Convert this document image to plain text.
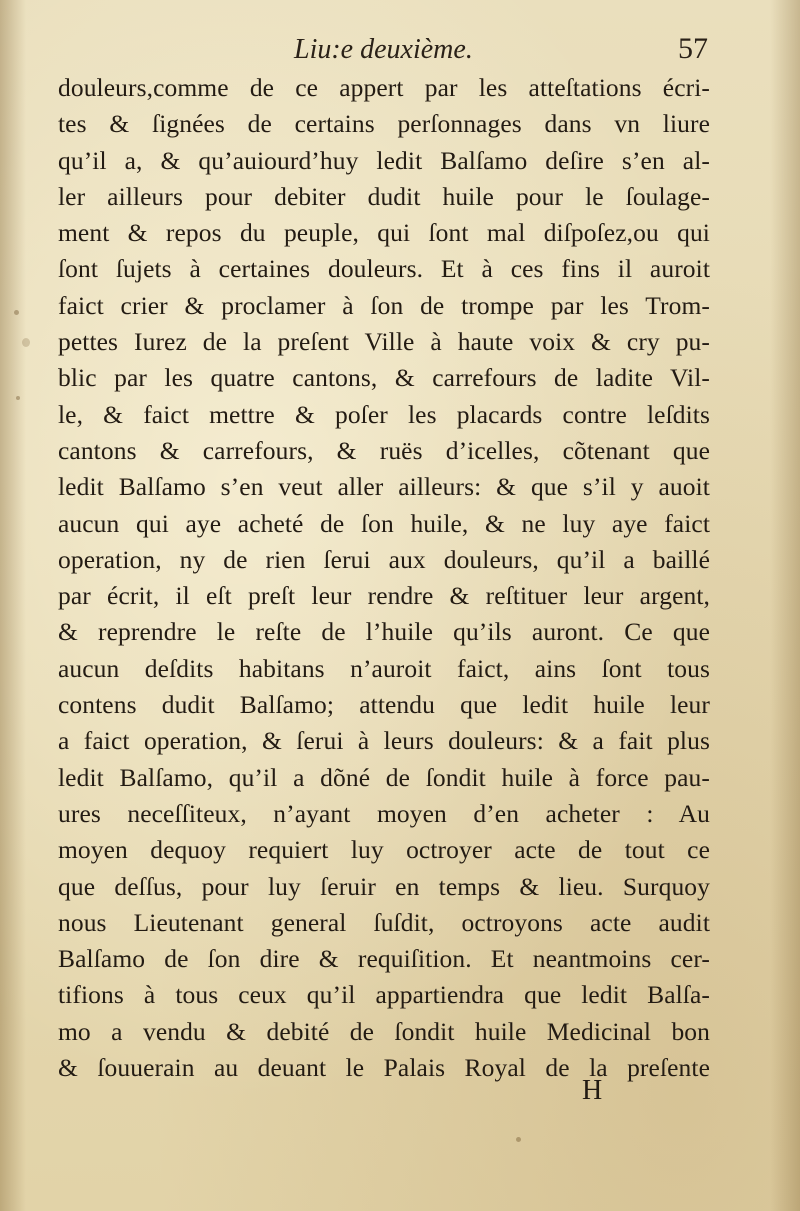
Liu:e deuxième.	57
douleurs,comme de ce appert par les atteſtations écri-
tes & ſignées de certains perſonnages dans vn liure
qu’il a, & qu’auiourd’huy ledit Balſamo deſire s’en al-
ler ailleurs pour debiter dudit huile pour le ſoulage-
ment & repos du peuple, qui ſont mal diſpoſez,ou qui
ſont ſujets à certaines douleurs. Et à ces fins il auroit
faict crier & proclamer à ſon de trompe par les Trom-
pettes Iurez de la preſent Ville à haute voix & cry pu-
blic par les quatre cantons, & carrefours de ladite Vil-
le, & faict mettre & poſer les placards contre leſdits
cantons & carrefours, & ruës d’icelles, cõtenant que
ledit Balſamo s’en veut aller ailleurs: & que s’il y auoit
aucun qui aye acheté de ſon huile, & ne luy aye faict
operation, ny de rien ſerui aux douleurs, qu’il a baillé
par écrit, il eſt preſt leur rendre & reſtituer leur argent,
& reprendre le reſte de l’huile qu’ils auront. Ce que
aucun deſdits habitans n’auroit faict, ains ſont tous
contens dudit Balſamo; attendu que ledit huile leur
a faict operation, & ſerui à leurs douleurs: & a fait plus
ledit Balſamo, qu’il a dõné de ſondit huile à force pau-
ures neceſſiteux, n’ayant moyen d’en acheter : Au
moyen dequoy requiert luy octroyer acte de tout ce
que deſſus, pour luy ſeruir en temps & lieu. Surquoy
nous Lieutenant general ſuſdit, octroyons acte audit
Balſamo de ſon dire & requiſition. Et neantmoins cer-
tifions à tous ceux qu’il appartiendra que ledit Balſa-
mo a vendu & debité de ſondit huile Medicinal bon
& ſouuerain au deuant le Palais Royal de la preſente
H
